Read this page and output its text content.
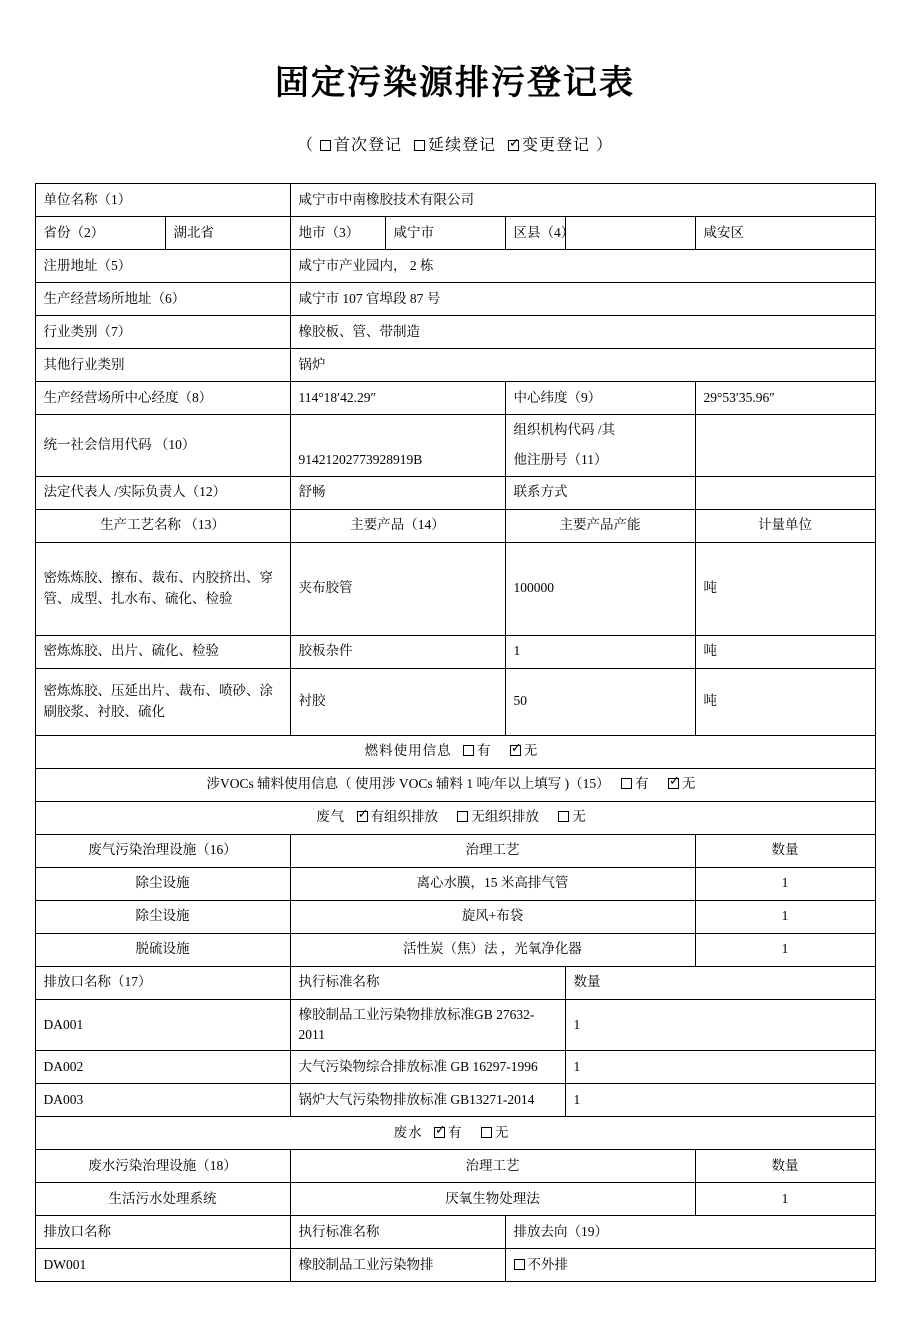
固定污染源排污登记表
（ 首次登记 延续登记 ✓ 变更登记 ）
单位名称（1）		咸宁市中南橡胶技术有限公司				
省份（2）	湖北省	地市（3）	咸宁市	区县（4）		咸安区
注册地址（5）		咸宁市产业园内， 2 栋				
生产经营场所地址（6）		咸宁市 107 官埠段 87 号				
行业类别（7）		橡胶板、管、带制造				
其他行业类别		锅炉				
生产经营场所中心经度（8）		114°18′42.29″		中心纬度（9）		29°53′35.96″
统一社会信用代码 （10）		91421202773928919B		组织机构代码 /其		
				他注册号（11）		
法定代表人 /实际负责人（12）		舒畅		联系方式		
生产工艺名称 （13）		主要产品（14）		主要产品产能		计量单位
密炼炼胶、擦布、裁布、内胶挤出、穿管、成型、扎水布、硫化、检验		夹布胶管		100000		吨
密炼炼胶、出片、硫化、检验		胶板杂件		1		吨
密炼炼胶、压延出片、裁布、喷砂、涂刷胶浆、衬胶、硫化		衬胶		50		吨
燃料使用信息 有 ✓ 无
涉VOCs 辅料使用信息（ 使用涉 VOCs 辅料 1 吨/年以上填写 )（15） 有 ✓ 无
废气 ✓ 有组织排放 无组织排放 无
废气污染治理设施（16）		治理工艺				数量
除尘设施		离心水膜，15 米高排气管				1
除尘设施		旋风+布袋				1
脱硫设施		活性炭（焦）法 ，光氧净化器				1
排放口名称（17）		执行标准名称			数量	
DA001		橡胶制品工业污染物排放标准GB 27632-2011			1	
DA002		大气污染物综合排放标准 GB 16297-1996			1	
DA003		锅炉大气污染物排放标准 GB13271-2014			1	
废水 ✓ 有 无
废水污染治理设施（18）		治理工艺				数量
生活污水处理系统		厌氧生物处理法				1
排放口名称		执行标准名称		排放去向（19）		
DW001		橡胶制品工业污染物排		不外排		
